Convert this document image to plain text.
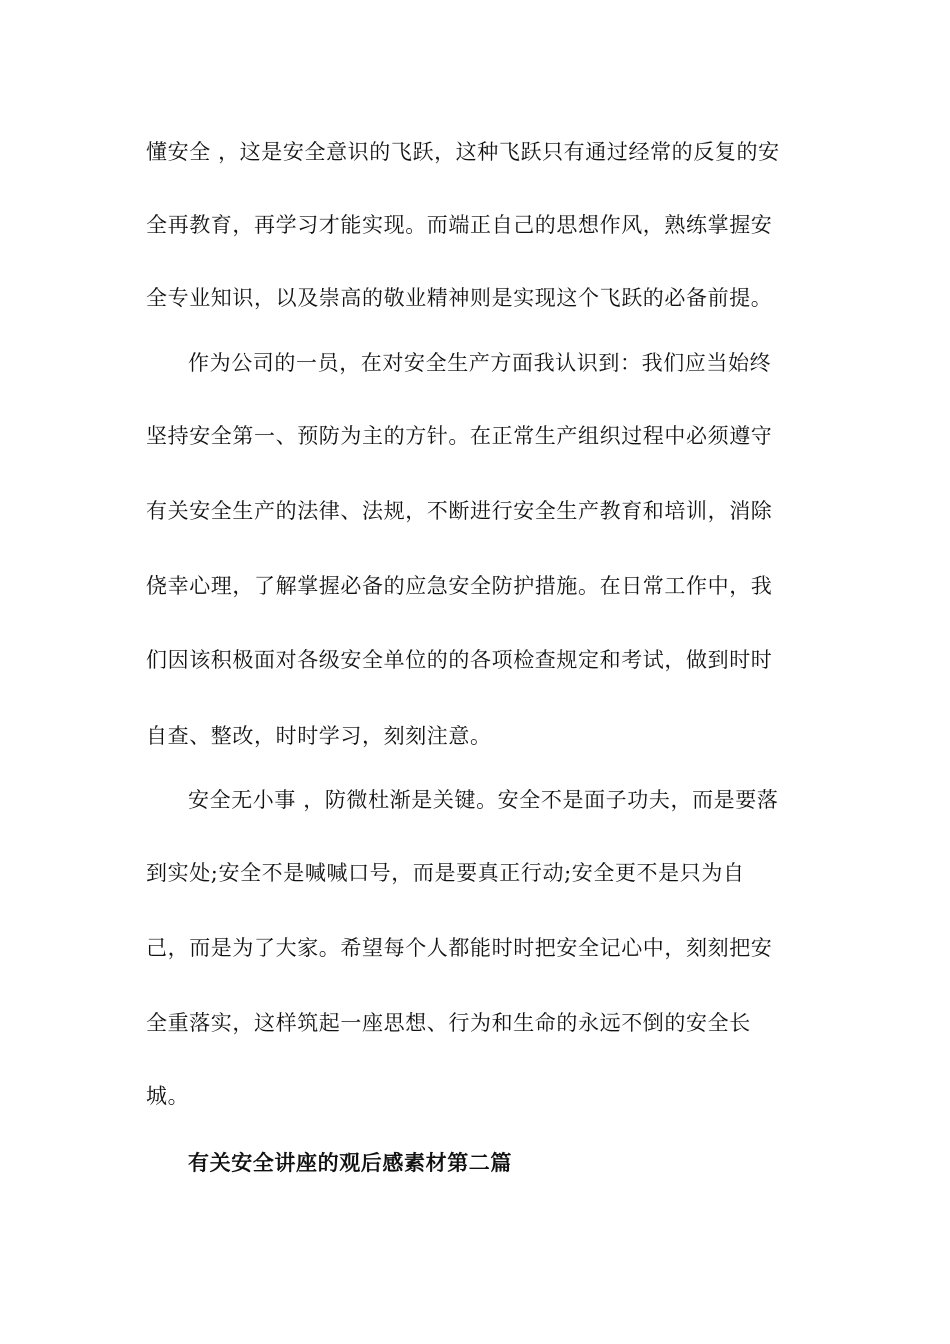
懂安全 ，这是安全意识的飞跃，这种飞跃只有通过经常的反复的安
全再教育，再学习才能实现。而端正自己的思想作风，熟练掌握安
全专业知识，以及崇高的敬业精神则是实现这个飞跃的必备前提。
作为公司的一员，在对安全生产方面我认识到：我们应当始终
坚持安全第一、预防为主的方针。在正常生产组织过程中必须遵守
有关安全生产的法律、法规，不断进行安全生产教育和培训，消除
侥幸心理，了解掌握必备的应急安全防护措施。在日常工作中，我
们因该积极面对各级安全单位的的各项检查规定和考试，做到时时
自查、整改，时时学习，刻刻注意。
安全无小事 ，防微杜渐是关键。安全不是面子功夫，而是要落
到实处;安全不是喊喊口号，而是要真正行动;安全更不是只为自
己，而是为了大家。希望每个人都能时时把安全记心中，刻刻把安
全重落实，这样筑起一座思想、行为和生命的永远不倒的安全长
城。
有关安全讲座的观后感素材第二篇
